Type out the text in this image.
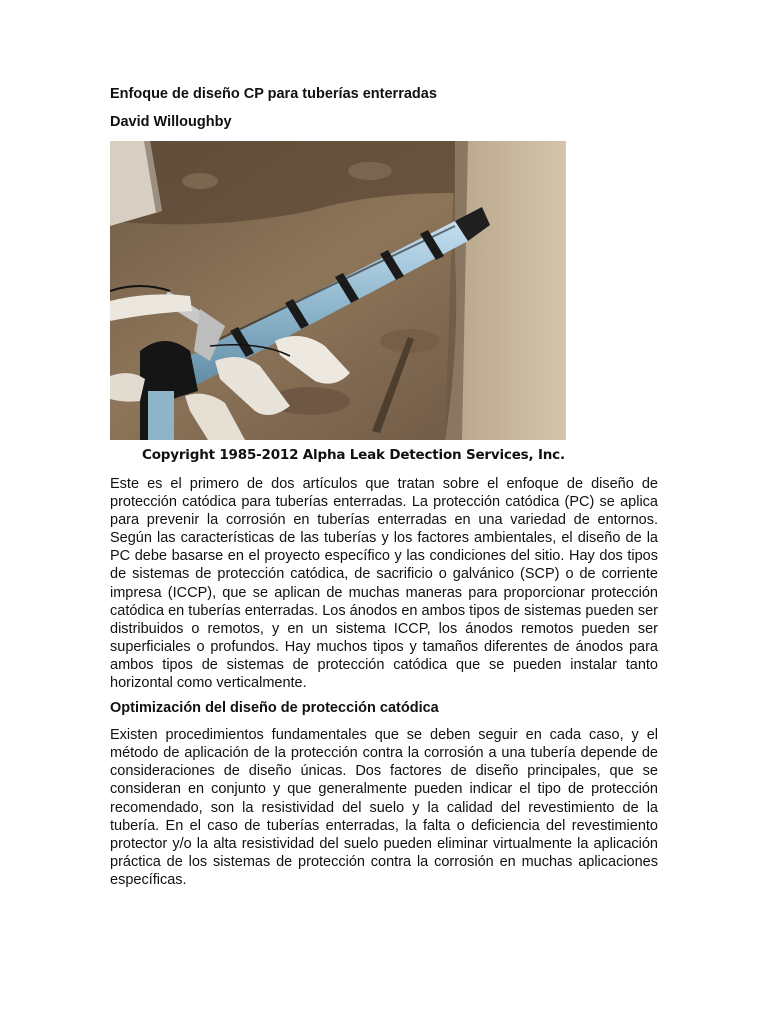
Enfoque de diseño CP para tuberías enterradas
David Willoughby
Copyright 1985-2012 Alpha Leak Detection Services, Inc.

Este es el primero de dos artículos que tratan sobre el enfoque de diseño de protección catódica para tuberías enterradas. La protección catódica (PC) se aplica para prevenir la corrosión en tuberías enterradas en una variedad de entornos. Según las características de las tuberías y los factores ambientales, el diseño de la PC debe basarse en el proyecto específico y las condiciones del sitio. Hay dos tipos de sistemas de protección catódica, de sacrificio o galvánico (SCP) o de corriente impresa (ICCP), que se aplican de muchas maneras para proporcionar protección catódica en tuberías enterradas. Los ánodos en ambos tipos de sistemas pueden ser distribuidos o remotos, y en un sistema ICCP, los ánodos remotos pueden ser superficiales o profundos. Hay muchos tipos y tamaños diferentes de ánodos para ambos tipos de sistemas de protección catódica que se pueden instalar tanto horizontal como verticalmente.

Optimización del diseño de protección catódica

Existen procedimientos fundamentales que se deben seguir en cada caso, y el método de aplicación de la protección contra la corrosión a una tubería depende de consideraciones de diseño únicas. Dos factores de diseño principales, que se consideran en conjunto y que generalmente pueden indicar el tipo de protección recomendado, son la resistividad del suelo y la calidad del revestimiento de la tubería. En el caso de tuberías enterradas, la falta o deficiencia del revestimiento protector y/o la alta resistividad del suelo pueden eliminar virtualmente la aplicación práctica de los sistemas de protección contra la corrosión en muchas aplicaciones específicas.
